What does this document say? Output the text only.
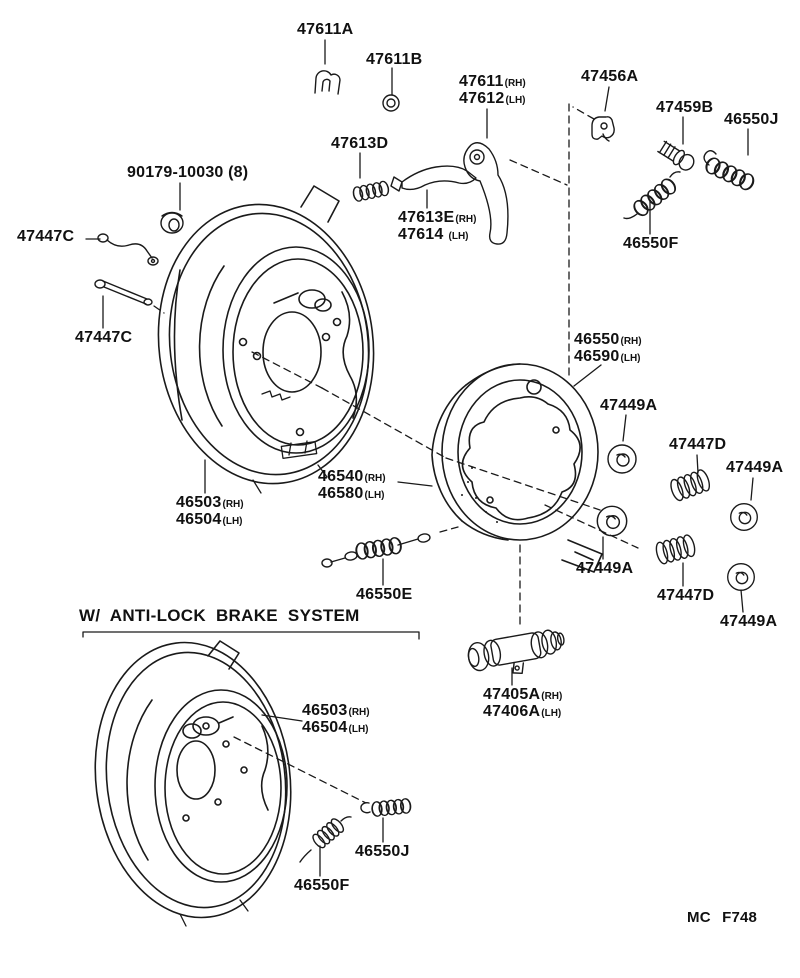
47611A
47611B
47611(RH)
47612(LH)
47456A
47459B
46550J
47613D
47613E(RH)
47614 (LH)
90179-10030 (8)
47447C
47447C
46550F
46550(RH)
46590(LH)
47449A
47447D
47449A
46540(RH)
46580(LH)
46503(RH)
46504(LH)
47449A
47447D
47449A
46550E
W/ ANTI-LOCK BRAKE SYSTEM
47405A(RH)
47406A(LH)
46503(RH)
46504(LH)
46550J
46550F
MC F748
